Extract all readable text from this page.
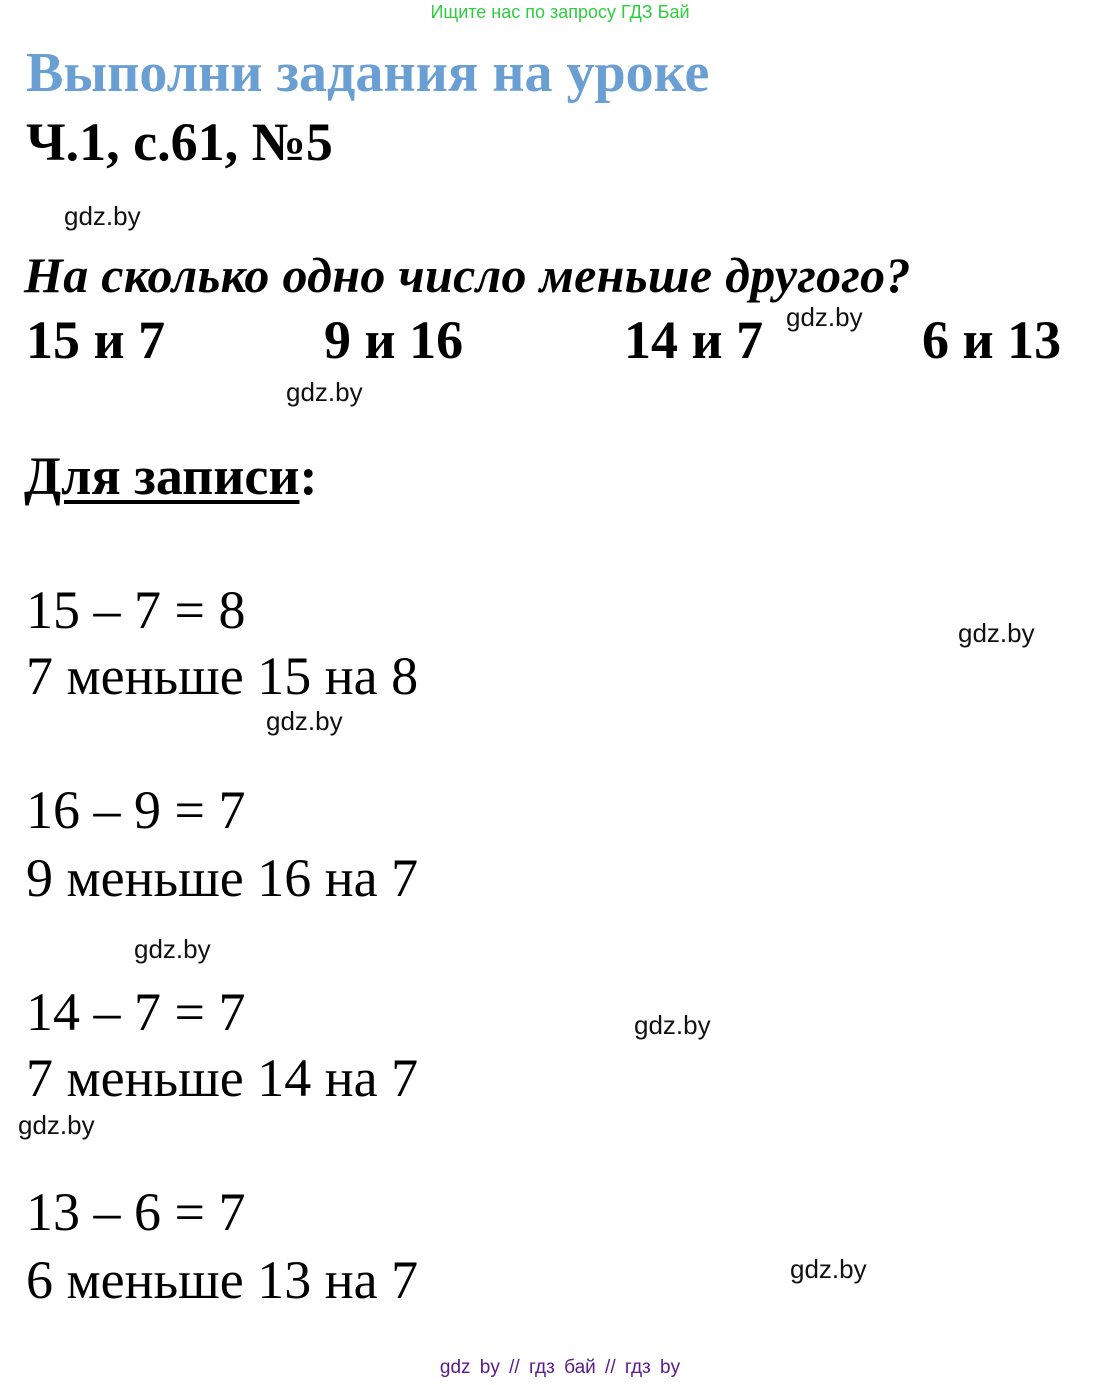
Ищите нас по запросу ГДЗ Бай
Выполни задания на уроке
Ч.1, с.61, №5
gdz.by
На сколько одно число меньше другого?
15 и 7	9 и 16	14 и 7	6 и 13
gdz.by
gdz.by
Для записи:
15 – 7 = 8
7 меньше 15 на 8
gdz.by
gdz.by
16 – 9 = 7
9 меньше 16 на 7
gdz.by
14 – 7 = 7	gdz.by
7 меньше 14 на 7
gdz.by
13 – 6 = 7
6 меньше 13 на 7	gdz.by
gdz by // гдз бай // гдз by
